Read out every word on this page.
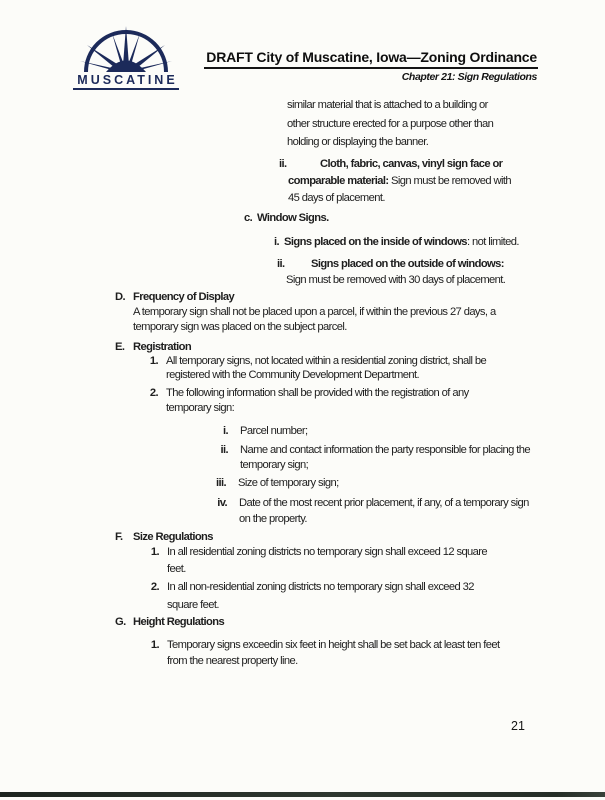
MUSCATINE
DRAFT City of Muscatine, Iowa—Zoning Ordinance
Chapter 21: Sign Regulations
similar material that is attached to a building or
other structure erected for a purpose other than
holding or displaying the banner.
ii.	Cloth, fabric, canvas, vinyl sign face or
comparable material: Sign must be removed with
45 days of placement.
c. Window Signs.
i. Signs placed on the inside of windows: not limited.
ii.	Signs placed on the outside of windows:
Sign must be removed with 30 days of placement.
D. Frequency of Display
A temporary sign shall not be placed upon a parcel, if within the previous 27 days, a
temporary sign was placed on the subject parcel.
E. Registration
1. All temporary signs, not located within a residential zoning district, shall be
registered with the Community Development Department.
2. The following information shall be provided with the registration of any
temporary sign:
i. Parcel number;
ii. Name and contact information the party responsible for placing the
temporary sign;
iii. Size of temporary sign;
iv. Date of the most recent prior placement, if any, of a temporary sign
on the property.
F. Size Regulations
1. In all residential zoning districts no temporary sign shall exceed 12 square
feet.
2. In all non-residential zoning districts no temporary sign shall exceed 32
square feet.
G. Height Regulations
1. Temporary signs exceedin six feet in height shall be set back at least ten feet
from the nearest property line.
21
